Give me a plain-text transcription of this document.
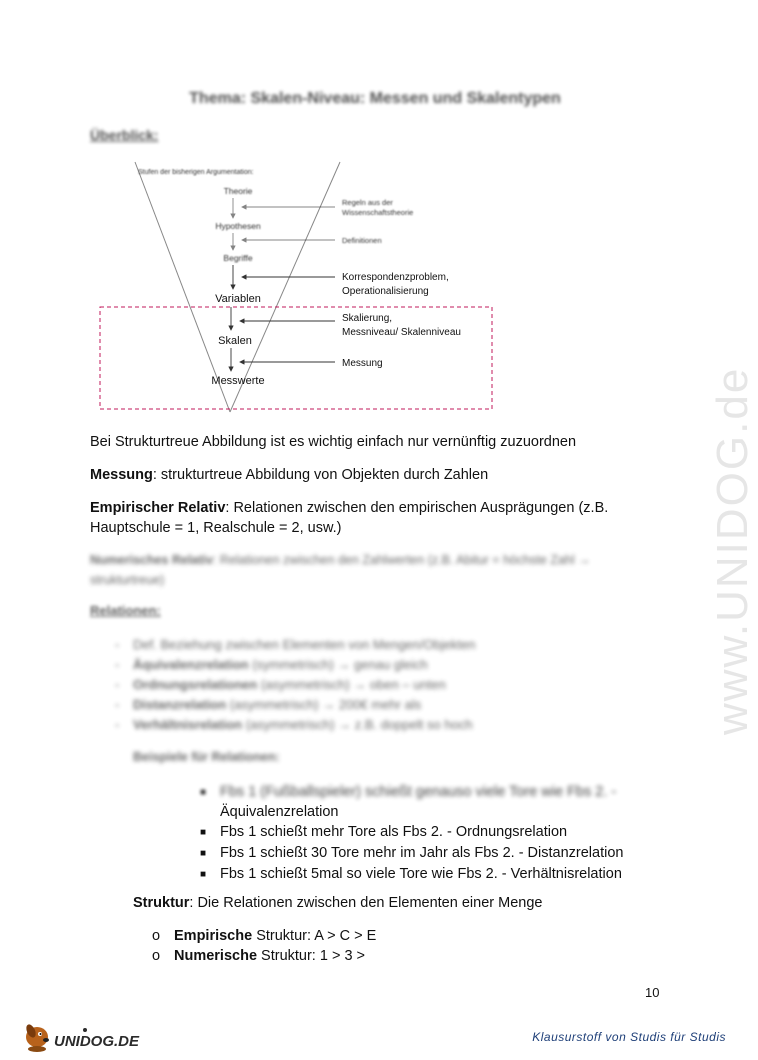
www.UNIDOG.de
Thema: Skalen-Niveau: Messen und Skalentypen
Überblick:
Stufen der bisherigen Argumentation:
Theorie
Hypothesen
Begriffe
Variablen
Skalen
Messwerte
Regeln aus der Wissenschaftstheorie
Definitionen
Korrespondenzproblem, Operationalisierung
Skalierung, Messniveau/ Skalenniveau
Messung
Bei Strukturtreue Abbildung ist es wichtig einfach nur vernünftig zuzuordnen
Messung: strukturtreue Abbildung von Objekten durch Zahlen
Empirischer Relativ: Relationen zwischen den empirischen Ausprägungen (z.B. Hauptschule = 1, Realschule = 2, usw.)
Numerisches Relativ: Relationen zwischen den Zahlwerten (z.B. Abitur = höchste Zahl → strukturtreue)
Relationen:
- Def. Beziehung zwischen Elementen von Mengen/Objekten
- Äquivalenzrelation (symmetrisch) → genau gleich
- Ordnungsrelationen (asymmetrisch) → oben – unten
- Distanzrelation (asymmetrisch) → 200€ mehr als
- Verhältnisrelation (asymmetrisch) → z.B. doppelt so hoch
Beispiele für Relationen:
■ Fbs 1 (Fußballspieler) schießt genauso viele Tore wie Fbs 2. -
Äquivalenzrelation
■ Fbs 1 schießt mehr Tore als Fbs 2. - Ordnungsrelation
■ Fbs 1 schießt 30 Tore mehr im Jahr als Fbs 2. - Distanzrelation
■ Fbs 1 schießt 5mal so viele Tore wie Fbs 2. - Verhältnisrelation
Struktur: Die Relationen zwischen den Elementen einer Menge
o Empirische Struktur: A > C > E
o Numerische Struktur: 1 > 3 >
10
UNIDOG.DE	Klausurstoff von Studis für Studis
